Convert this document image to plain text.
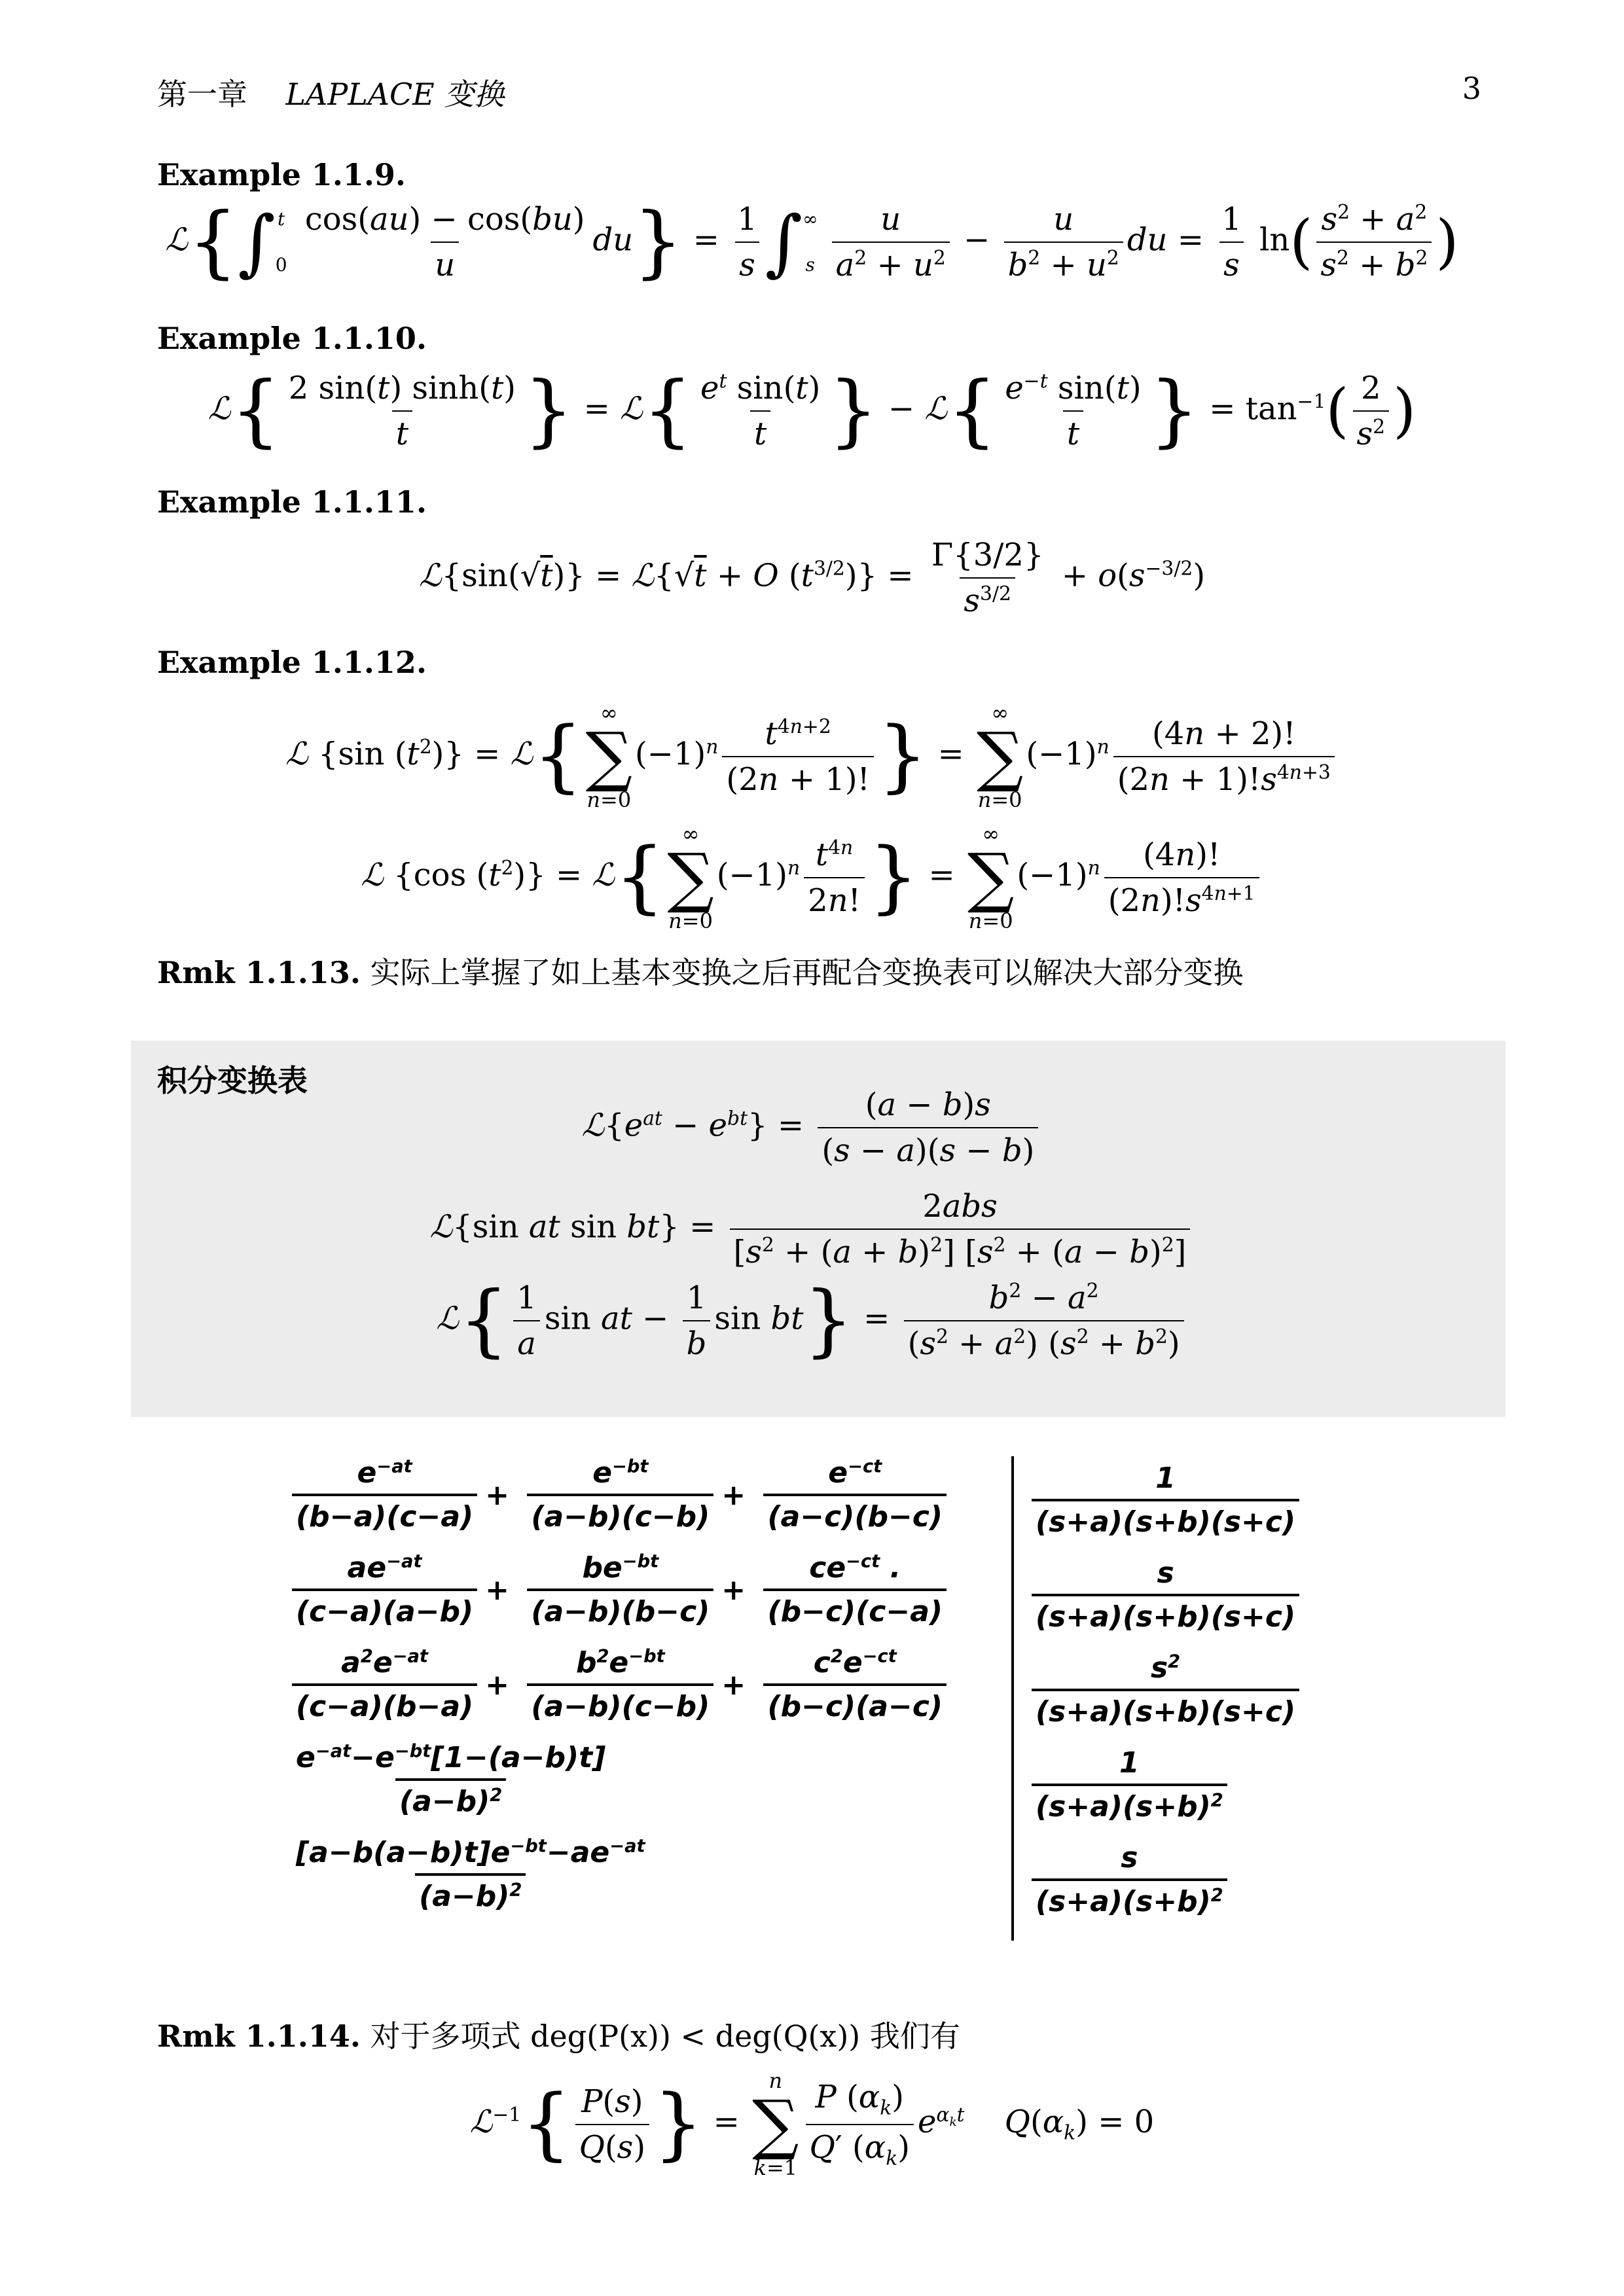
第一章 LAPLACE 变换	3
Example 1.1.9.
ℒ{∫ t
0
$\frac{\cos(au) - \cos(bu)}{u} du\} = \frac{1}{s}$ ∫ ∞
s
$\frac{u}{a^2 + u^2} - \frac{u}{b^2 + u^2}$ du = $\frac{1}{s} \ln( \frac{s^2 + a^2}{s^2 + b^2}$ )
Example 1.1.10.
ℒ{ $\frac{2 \sin(t) \sinh(t)}{t}$ } = ℒ{ $\frac{e^t \sin(t)}{t}$ } − ℒ{ $\frac{e^{-t} \sin(t)}{t}$ } = $\tan^{-1}( \frac{2}{s^2}$ )
Example 1.1.11.
ℒ{sin(√t)} = ℒ{√t + O $(t^{3/2})\} = \frac{\Gamma\{3/2\}}{s^{3/2}} + o(s^{-3/2})$
Example 1.1.12.
ℒ {sin $(t^2)$} = ℒ{ ∞
∑
n=0
$(-1)^n \frac{t^{4n+2}}{(2n + 1)!}$ } =
∞
∑
n=0
$(-1)^n \frac{(4n + 2)!}{(2n + 1)!s^{4n+3}}$
ℒ {cos $(t^2)$} = ℒ{ ∞
∑
n=0
$(-1)^n \frac{t^{4n}}{2n!}$ } =
∞
∑
n=0
$(-1)^n \frac{(4n)!}{(2n)!s^{4n+1}}$
Rmk 1.1.13. 实际上掌握了如上基本变换之后再配合变换表可以解决大部分变换
积分变换表
$ℒ\{e^{at} - e^{bt}\} = \frac{(a - b)s}{(s - a)(s - b)}$
ℒ{sin at $\sin bt\} = \frac{\text{2abs}}{[s^2 + (a + b)^2] [s^2 + (a - b)^2]}$
ℒ{ $\frac{1}{a}$ sin at − $\frac{1}{b}$ $\sin bt\} = \frac{b^2 - a^2}{(s^2 + a^2) (s^2 + b^2)}$
$\frac{e^{-at}}{(b-a)(c-a)} + \frac{e^{-bt}}{(a-b)(c-b)} + \frac{e^{-ct}}{(a-c)(b-c)}$	$\frac{1}{(s+a)(s+b)(s+c)}$
$\frac{ae^{-at}}{(c-a)(a-b)} + \frac{be^{-bt}}{(a-b)(b-c)} + \frac{ce^{-ct} .}{(b-c)(c-a)}$	$\frac{s}{(s+a)(s+b)(s+c)}$
$\frac{a^2e^{-at}}{(c-a)(b-a)} + \frac{b^2e^{-bt}}{(a-b)(c-b)} + \frac{c^2e^{-ct}}{(b-c)(a-c)}$	$\frac{s^2}{(s+a)(s+b)(s+c)}$
$\frac{e^{-at}-e^{-bt}[1-(a-b)t]}{(a-b)^2}$	$\frac{1}{(s+a)(s+b)^2}$
$\frac{[a-b(a-b)t]e^{-bt}-ae^{-at}}{(a-b)^2}$	$\frac{s}{(s+a)(s+b)^2}$
Rmk 1.1.14. 对于多项式 deg(P(x)) < deg(Q(x)) 我们有
ℒ$^{-1}${ $\frac{P(s)}{Q(s)}$ } =
n
∑
$k=1 \frac{P (\alpha_k)}{Q' (\alpha_k)} e^{\alpha_kt}$ $Q(\alpha_k) = 0$
